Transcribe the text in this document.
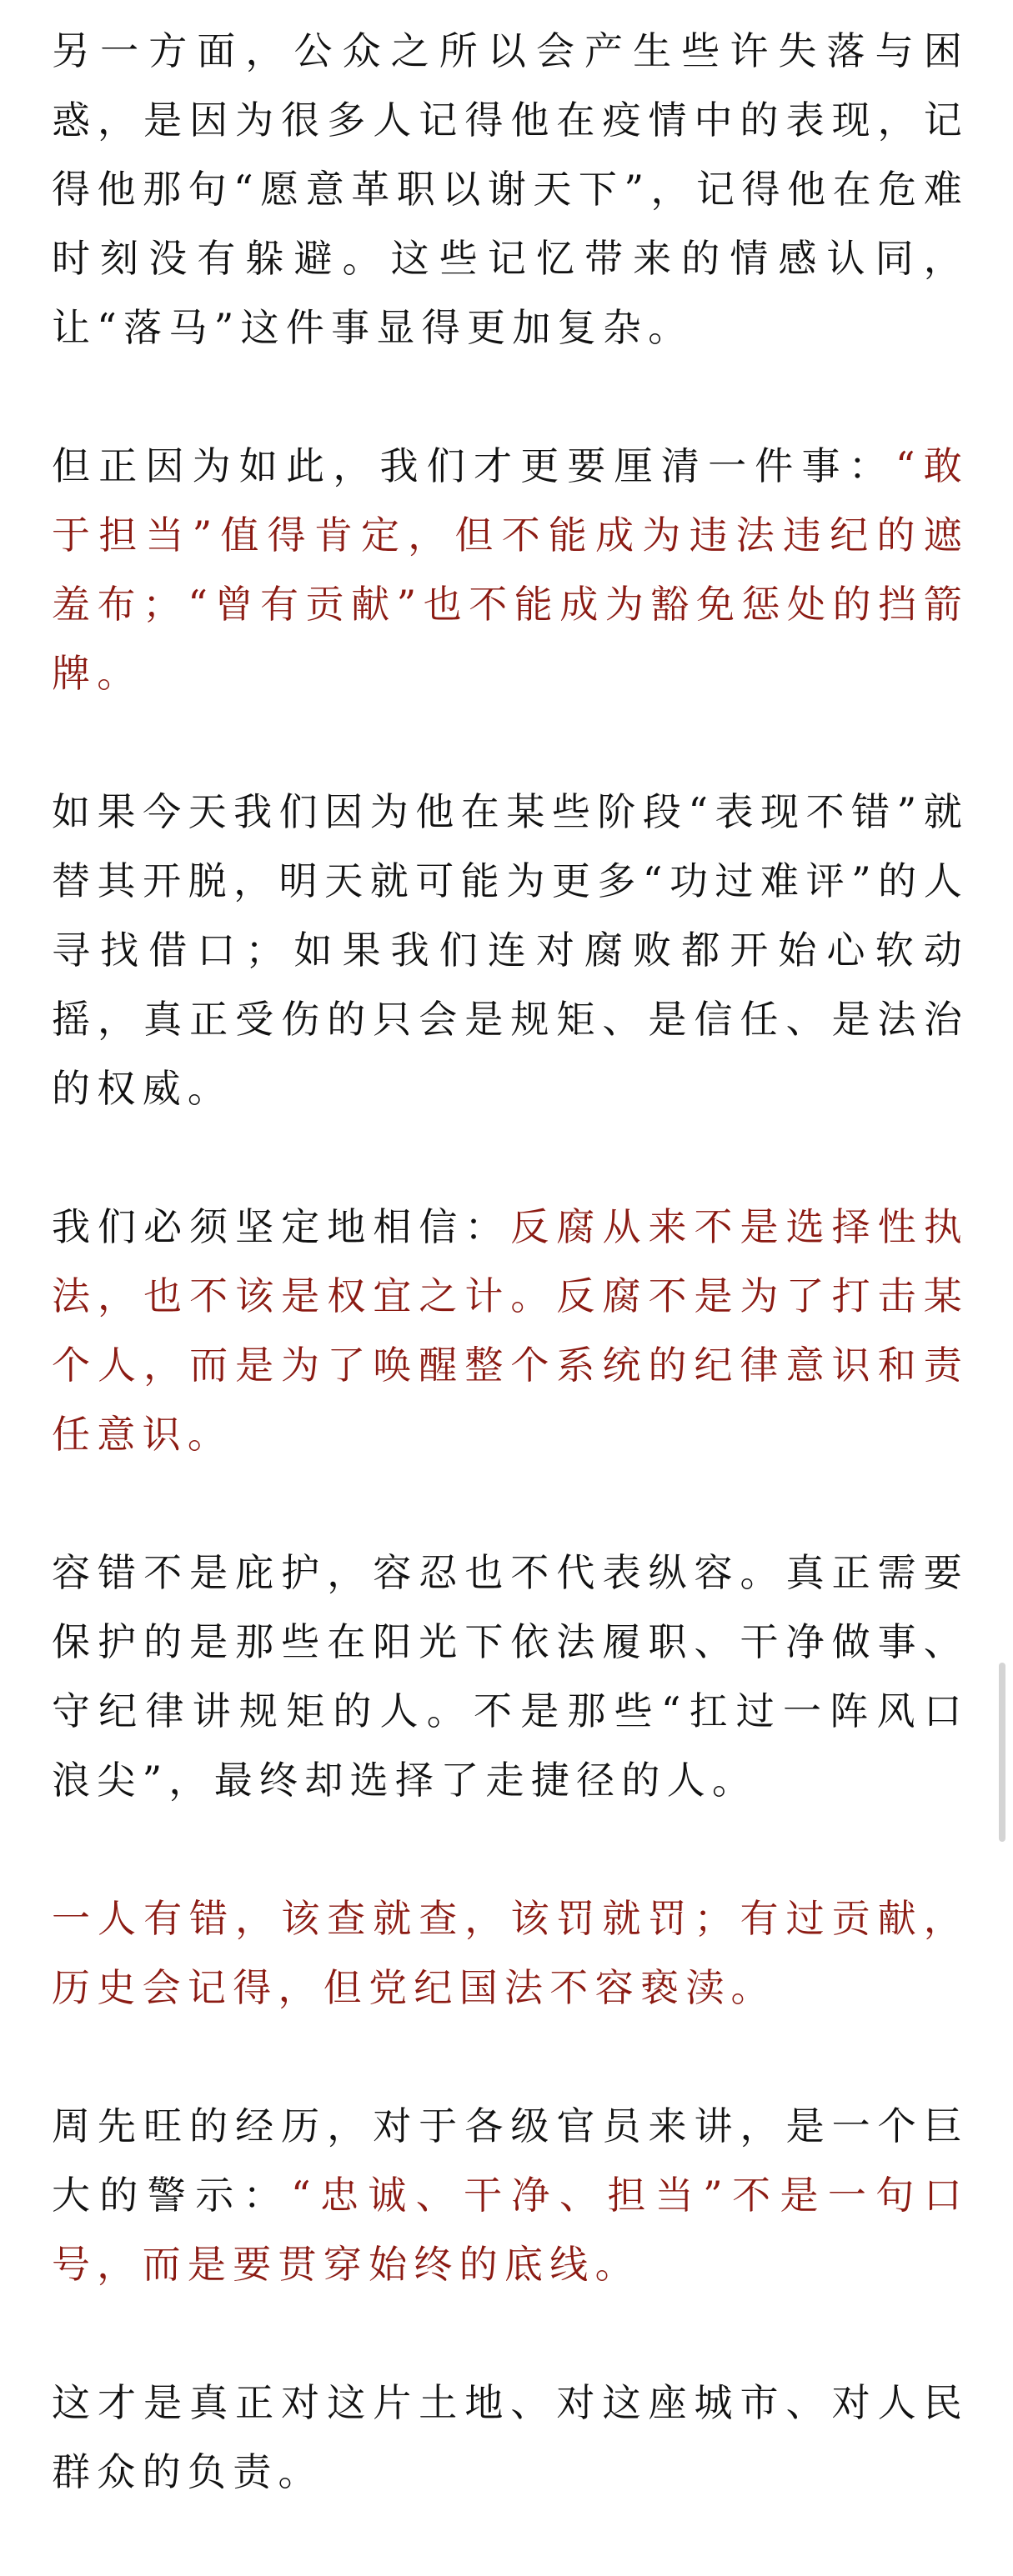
另一方面，公众之所以会产生些许失落与困惑，是因为很多人记得他在疫情中的表现，记得他那句“愿意革职以谢天下”，记得他在危难时刻没有躲避。这些记忆带来的情感认同，让“落马”这件事显得更加复杂。

但正因为如此，我们才更要厘清一件事：“敢于担当”值得肯定，但不能成为违法违纪的遮羞布；“曾有贡献”也不能成为豁免惩处的挡箭牌。

如果今天我们因为他在某些阶段“表现不错”就替其开脱，明天就可能为更多“功过难评”的人寻找借口；如果我们连对腐败都开始心软动摇，真正受伤的只会是规矩、是信任、是法治的权威。

我们必须坚定地相信：反腐从来不是选择性执法，也不该是权宜之计。反腐不是为了打击某个人，而是为了唤醒整个系统的纪律意识和责任意识。

容错不是庇护，容忍也不代表纵容。真正需要保护的是那些在阳光下依法履职、干净做事、守纪律讲规矩的人。不是那些“扛过一阵风口浪尖”，最终却选择了走捷径的人。

一人有错，该查就查，该罚就罚；有过贡献，历史会记得，但党纪国法不容亵渎。

周先旺的经历，对于各级官员来讲，是一个巨大的警示：“忠诚、干净、担当”不是一句口号，而是要贯穿始终的底线。

这才是真正对这片土地、对这座城市、对人民群众的负责。
